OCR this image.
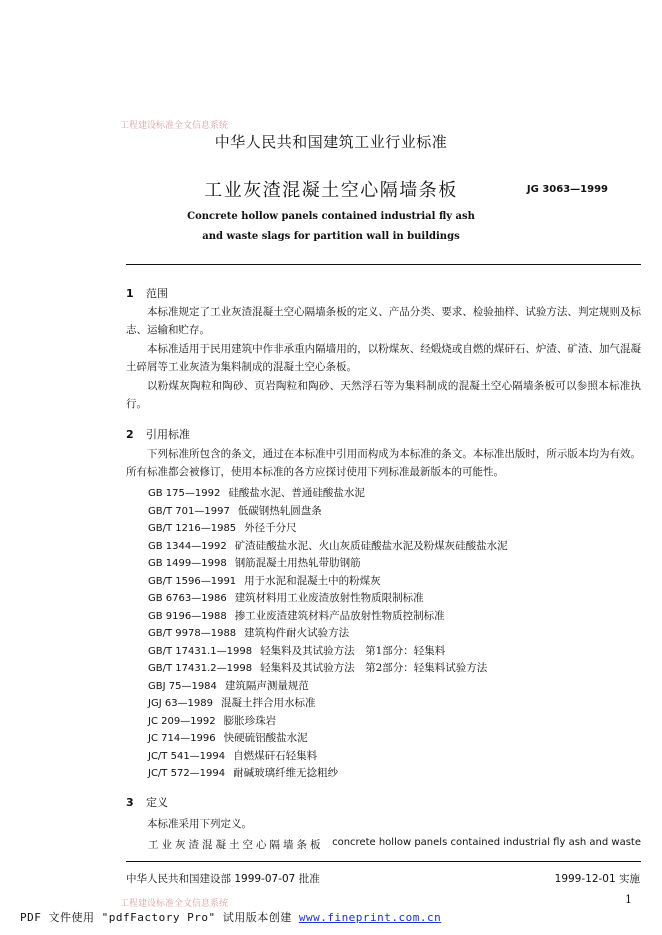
工程建设标准全文信息系统
中华人民共和国建筑工业行业标准
工业灰渣混凝土空心隔墙条板	JG 3063—1999
Concrete hollow panels contained industrial fly ash
and waste slags for partition wall in buildings
1 范围
本标准规定了工业灰渣混凝土空心隔墙条板的定义、产品分类、要求、检验抽样、试验方法、判定规则及标志、运输和贮存。
本标准适用于民用建筑中作非承重内隔墙用的，以粉煤灰、经煅烧或自燃的煤矸石、炉渣、矿渣、加气混凝土碎屑等工业灰渣为集料制成的混凝土空心条板。
以粉煤灰陶粒和陶砂、页岩陶粒和陶砂、天然浮石等为集料制成的混凝土空心隔墙条板可以参照本标准执行。
2 引用标准
下列标准所包含的条文，通过在本标准中引用而构成为本标准的条文。本标准出版时，所示版本均为有效。所有标准都会被修订，使用本标准的各方应探讨使用下列标准最新版本的可能性。
GB 175—1992 硅酸盐水泥、普通硅酸盐水泥
GB/T 701—1997 低碳钢热轧圆盘条
GB/T 1216—1985 外径千分尺
GB 1344—1992 矿渣硅酸盐水泥、火山灰质硅酸盐水泥及粉煤灰硅酸盐水泥
GB 1499—1998 钢筋混凝土用热轧带肋钢筋
GB/T 1596—1991 用于水泥和混凝土中的粉煤灰
GB 6763—1986 建筑材料用工业废渣放射性物质限制标准
GB 9196—1988 掺工业废渣建筑材料产品放射性物质控制标准
GB/T 9978—1988 建筑构件耐火试验方法
GB/T 17431.1—1998 轻集料及其试验方法　第1部分：轻集料
GB/T 17431.2—1998 轻集料及其试验方法　第2部分：轻集料试验方法
GBJ 75—1984 建筑隔声测量规范
JGJ 63—1989 混凝土拌合用水标准
JC 209—1992 膨胀珍珠岩
JC 714—1996 快硬硫铝酸盐水泥
JC/T 541—1994 自燃煤矸石轻集料
JC/T 572—1994 耐碱玻璃纤维无捻粗纱
3 定义
本标准采用下列定义。
工业灰渣混凝土空心隔墙条板 concrete hollow panels contained industrial fly ash and waste
中华人民共和国建设部 1999-07-07 批准	1999-12-01 实施
工程建设标准全文信息系统	1
PDF 文件使用 "pdfFactory Pro" 试用版本创建 www.fineprint.com.cn
